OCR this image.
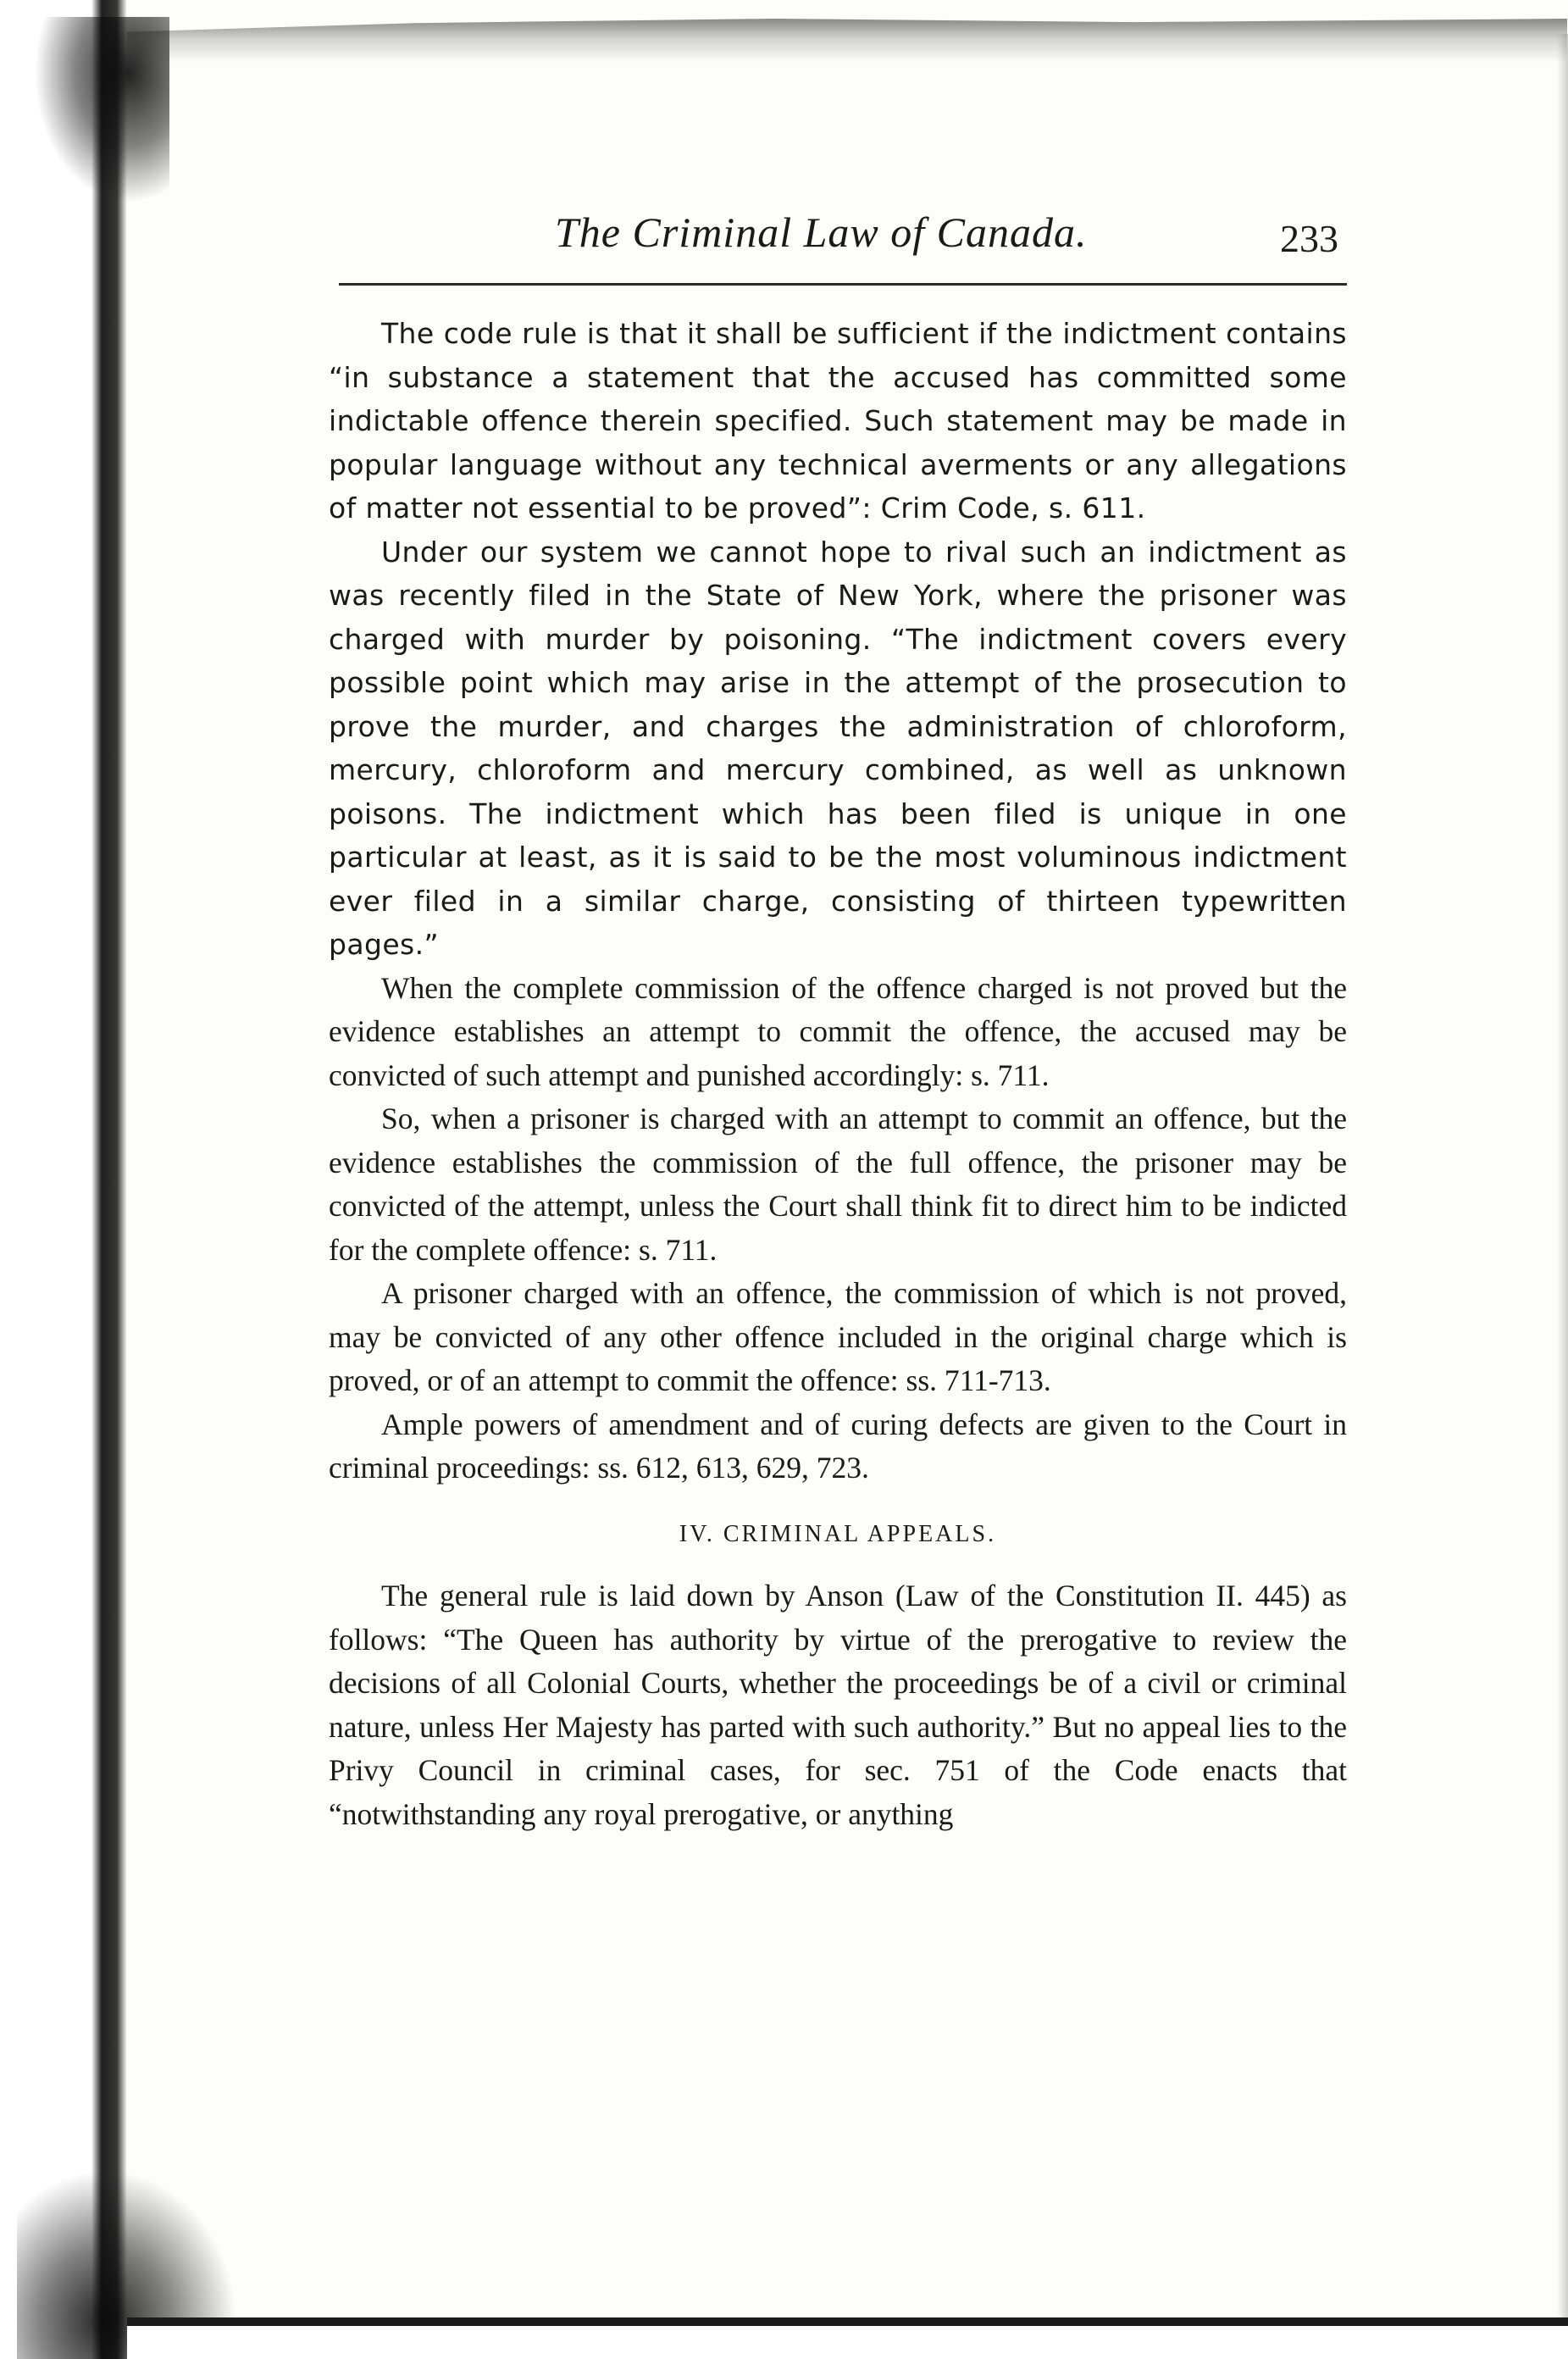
The Criminal Law of Canada.	233

The code rule is that it shall be sufficient if the indictment contains “in substance a statement that the accused has committed some indictable offence therein specified. Such statement may be made in popular language without any technical averments or any allegations of matter not essential to be proved”: Crim Code, s. 611.

Under our system we cannot hope to rival such an indictment as was recently filed in the State of New York, where the prisoner was charged with murder by poisoning. “The indictment covers every possible point which may arise in the attempt of the prosecution to prove the murder, and charges the administration of chloroform, mercury, chloroform and mercury combined, as well as unknown poisons. The indictment which has been filed is unique in one particular at least, as it is said to be the most voluminous indictment ever filed in a similar charge, consisting of thirteen typewritten pages.”

When the complete commission of the offence charged is not proved but the evidence establishes an attempt to commit the offence, the accused may be convicted of such attempt and punished accordingly: s. 711.

So, when a prisoner is charged with an attempt to commit an offence, but the evidence establishes the commission of the full offence, the prisoner may be convicted of the attempt, unless the Court shall think fit to direct him to be indicted for the complete offence: s. 711.

A prisoner charged with an offence, the commission of which is not proved, may be convicted of any other offence included in the original charge which is proved, or of an attempt to commit the offence: ss. 711-713.

Ample powers of amendment and of curing defects are given to the Court in criminal proceedings: ss. 612, 613, 629, 723.

IV. CRIMINAL APPEALS.

The general rule is laid down by Anson (Law of the Constitution II. 445) as follows: “The Queen has authority by virtue of the prerogative to review the decisions of all Colonial Courts, whether the proceedings be of a civil or criminal nature, unless Her Majesty has parted with such authority.” But no appeal lies to the Privy Council in criminal cases, for sec. 751 of the Code enacts that “notwithstanding any royal prerogative, or anything
